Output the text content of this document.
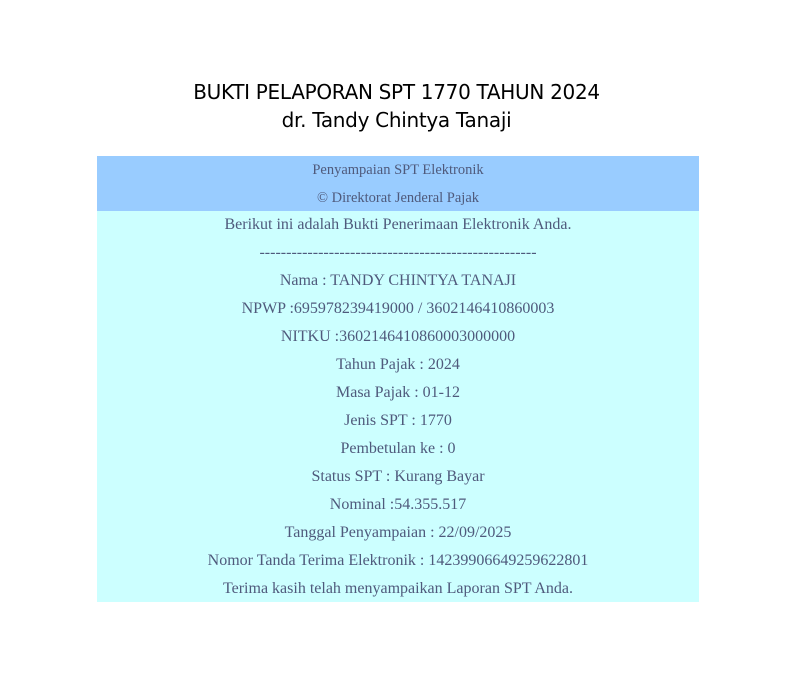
BUKTI PELAPORAN SPT 1770 TAHUN 2024
dr. Tandy Chintya Tanaji
Penyampaian SPT Elektronik
© Direktorat Jenderal Pajak
Berikut ini adalah Bukti Penerimaan Elektronik Anda.
----------------------------------------------------
Nama : TANDY CHINTYA TANAJI
NPWP :695978239419000 / 3602146410860003
NITKU :3602146410860003000000
Tahun Pajak : 2024
Masa Pajak : 01-12
Jenis SPT : 1770
Pembetulan ke : 0
Status SPT : Kurang Bayar
Nominal :54.355.517
Tanggal Penyampaian : 22/09/2025
Nomor Tanda Terima Elektronik : 14239906649259622801
Terima kasih telah menyampaikan Laporan SPT Anda.
